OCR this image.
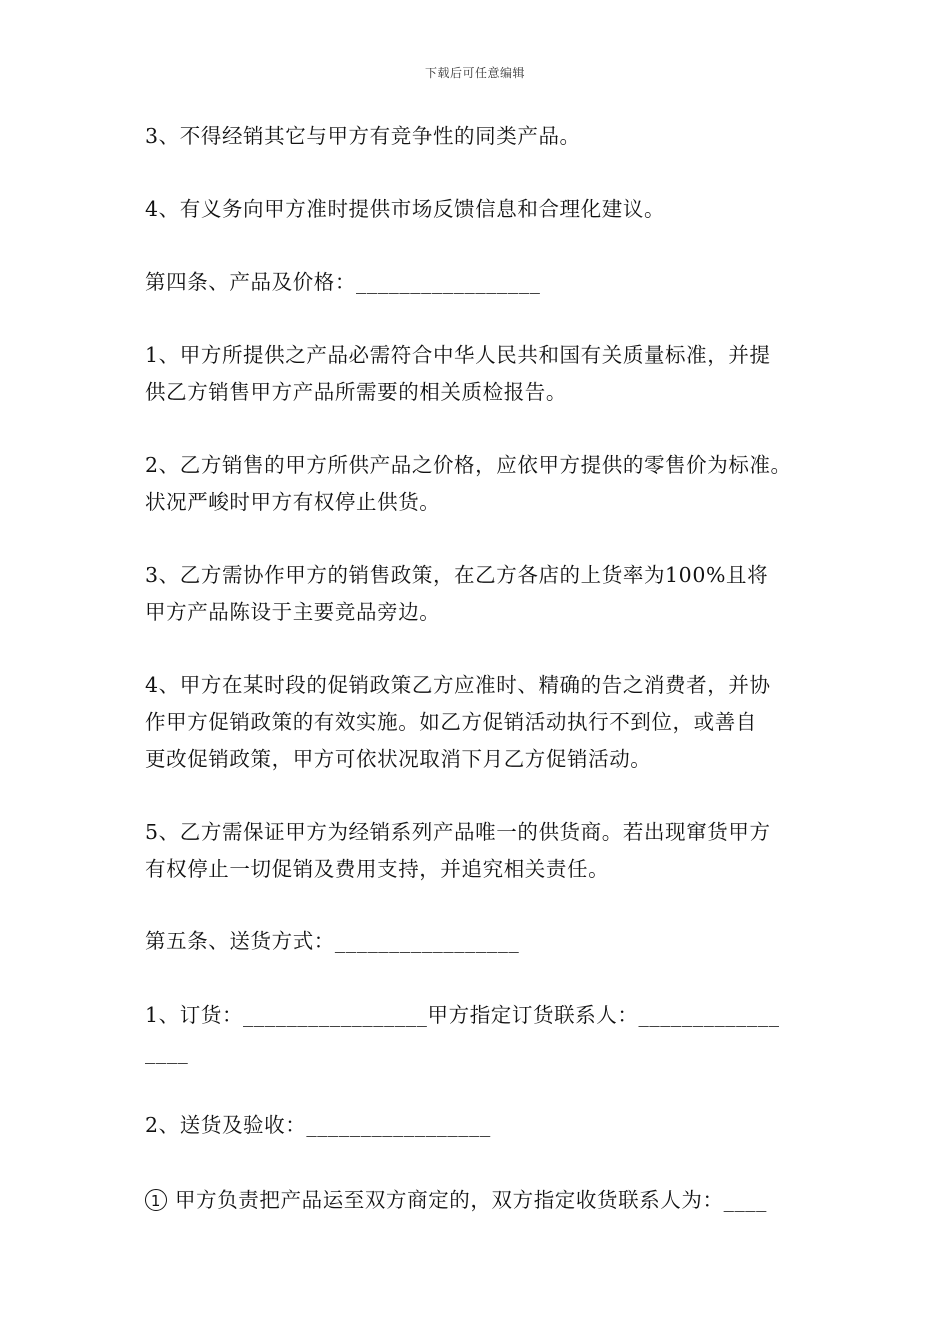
下载后可任意编辑
3、不得经销其它与甲方有竞争性的同类产品。
4、有义务向甲方准时提供市场反馈信息和合理化建议。
第四条、产品及价格：_________________
1、甲方所提供之产品必需符合中华人民共和国有关质量标准，并提
供乙方销售甲方产品所需要的相关质检报告。
2、乙方销售的甲方所供产品之价格，应依甲方提供的零售价为标准。
状况严峻时甲方有权停止供货。
3、乙方需协作甲方的销售政策，在乙方各店的上货率为100%且将
甲方产品陈设于主要竞品旁边。
4、甲方在某时段的促销政策乙方应准时、精确的告之消费者，并协
作甲方促销政策的有效实施。如乙方促销活动执行不到位，或善自
更改促销政策，甲方可依状况取消下月乙方促销活动。
5、乙方需保证甲方为经销系列产品唯一的供货商。若出现窜货甲方
有权停止一切促销及费用支持，并追究相关责任。
第五条、送货方式：_________________
1、订货：_________________甲方指定订货联系人：_____________
____
2、送货及验收：_________________
1 甲方负责把产品运至双方商定的，双方指定收货联系人为：____
